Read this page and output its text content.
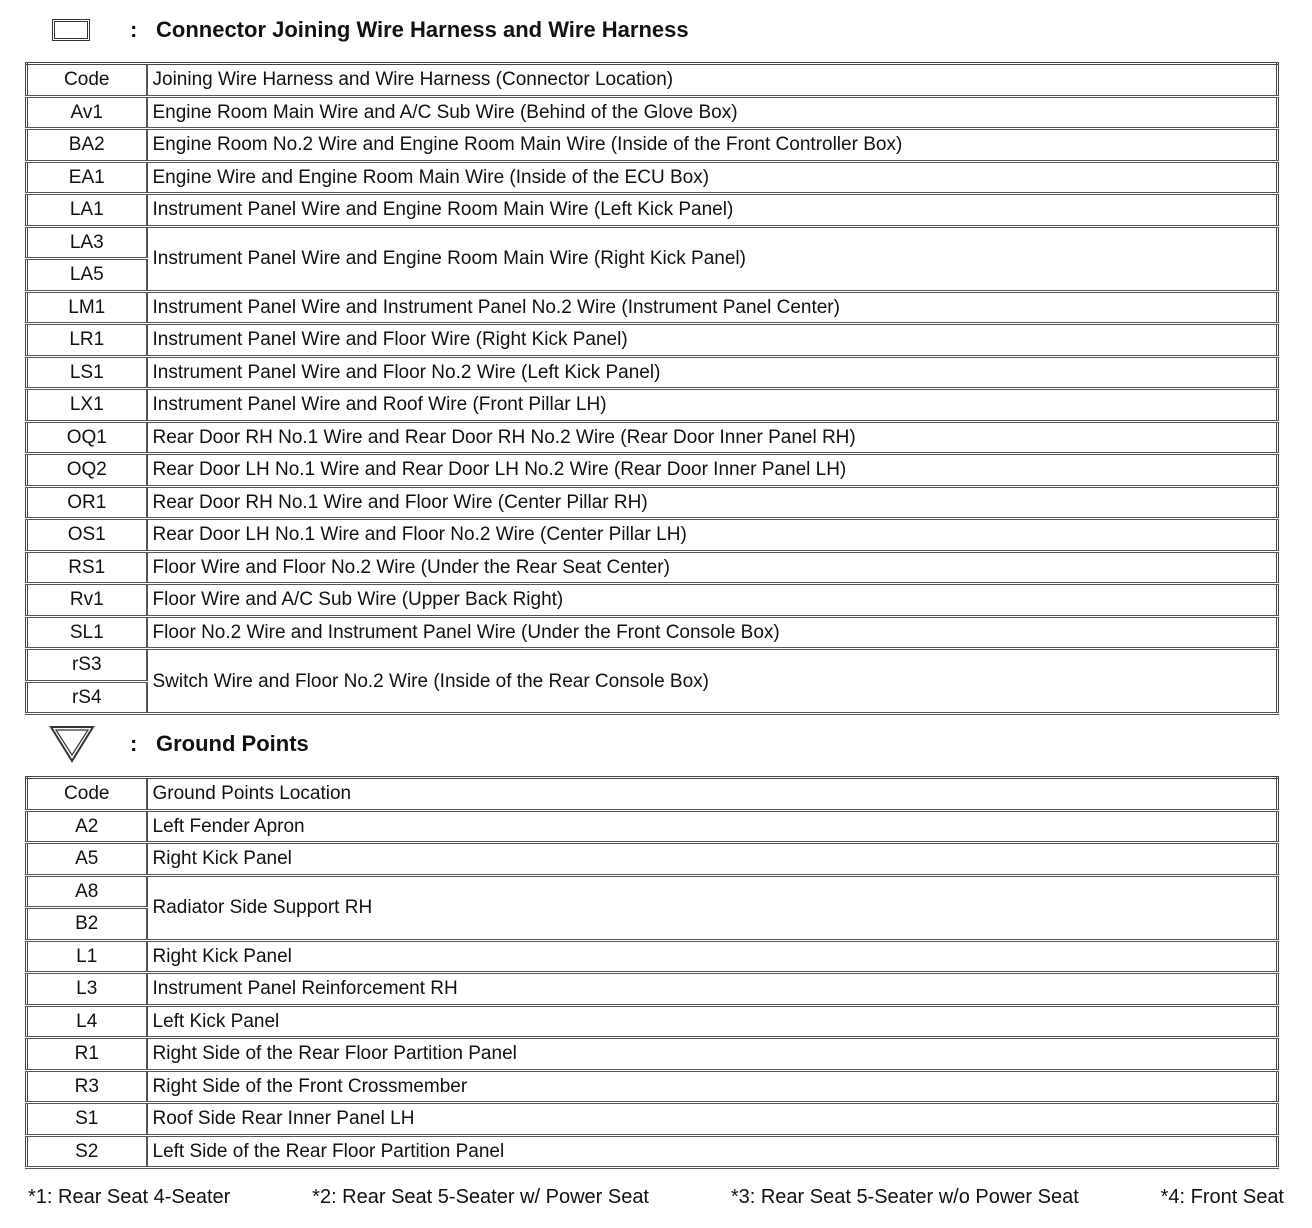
: Connector Joining Wire Harness and Wire Harness
Code	Joining Wire Harness and Wire Harness (Connector Location)
Av1	Engine Room Main Wire and A/C Sub Wire (Behind of the Glove Box)
BA2	Engine Room No.2 Wire and Engine Room Main Wire (Inside of the Front Controller Box)
EA1	Engine Wire and Engine Room Main Wire (Inside of the ECU Box)
LA1	Instrument Panel Wire and Engine Room Main Wire (Left Kick Panel)
LA3	Instrument Panel Wire and Engine Room Main Wire (Right Kick Panel)
LA5	
LM1	Instrument Panel Wire and Instrument Panel No.2 Wire (Instrument Panel Center)
LR1	Instrument Panel Wire and Floor Wire (Right Kick Panel)
LS1	Instrument Panel Wire and Floor No.2 Wire (Left Kick Panel)
LX1	Instrument Panel Wire and Roof Wire (Front Pillar LH)
OQ1	Rear Door RH No.1 Wire and Rear Door RH No.2 Wire (Rear Door Inner Panel RH)
OQ2	Rear Door LH No.1 Wire and Rear Door LH No.2 Wire (Rear Door Inner Panel LH)
OR1	Rear Door RH No.1 Wire and Floor Wire (Center Pillar RH)
OS1	Rear Door LH No.1 Wire and Floor No.2 Wire (Center Pillar LH)
RS1	Floor Wire and Floor No.2 Wire (Under the Rear Seat Center)
Rv1	Floor Wire and A/C Sub Wire (Upper Back Right)
SL1	Floor No.2 Wire and Instrument Panel Wire (Under the Front Console Box)
rS3	Switch Wire and Floor No.2 Wire (Inside of the Rear Console Box)
rS4	
: Ground Points
Code	Ground Points Location
A2	Left Fender Apron
A5	Right Kick Panel
A8	Radiator Side Support RH
B2	
L1	Right Kick Panel
L3	Instrument Panel Reinforcement RH
L4	Left Kick Panel
R1	Right Side of the Rear Floor Partition Panel
R3	Right Side of the Front Crossmember
S1	Roof Side Rear Inner Panel LH
S2	Left Side of the Rear Floor Partition Panel
*1: Rear Seat 4-Seater	*2: Rear Seat 5-Seater w/ Power Seat	*3: Rear Seat 5-Seater w/o Power Seat	*4: Front Seat
